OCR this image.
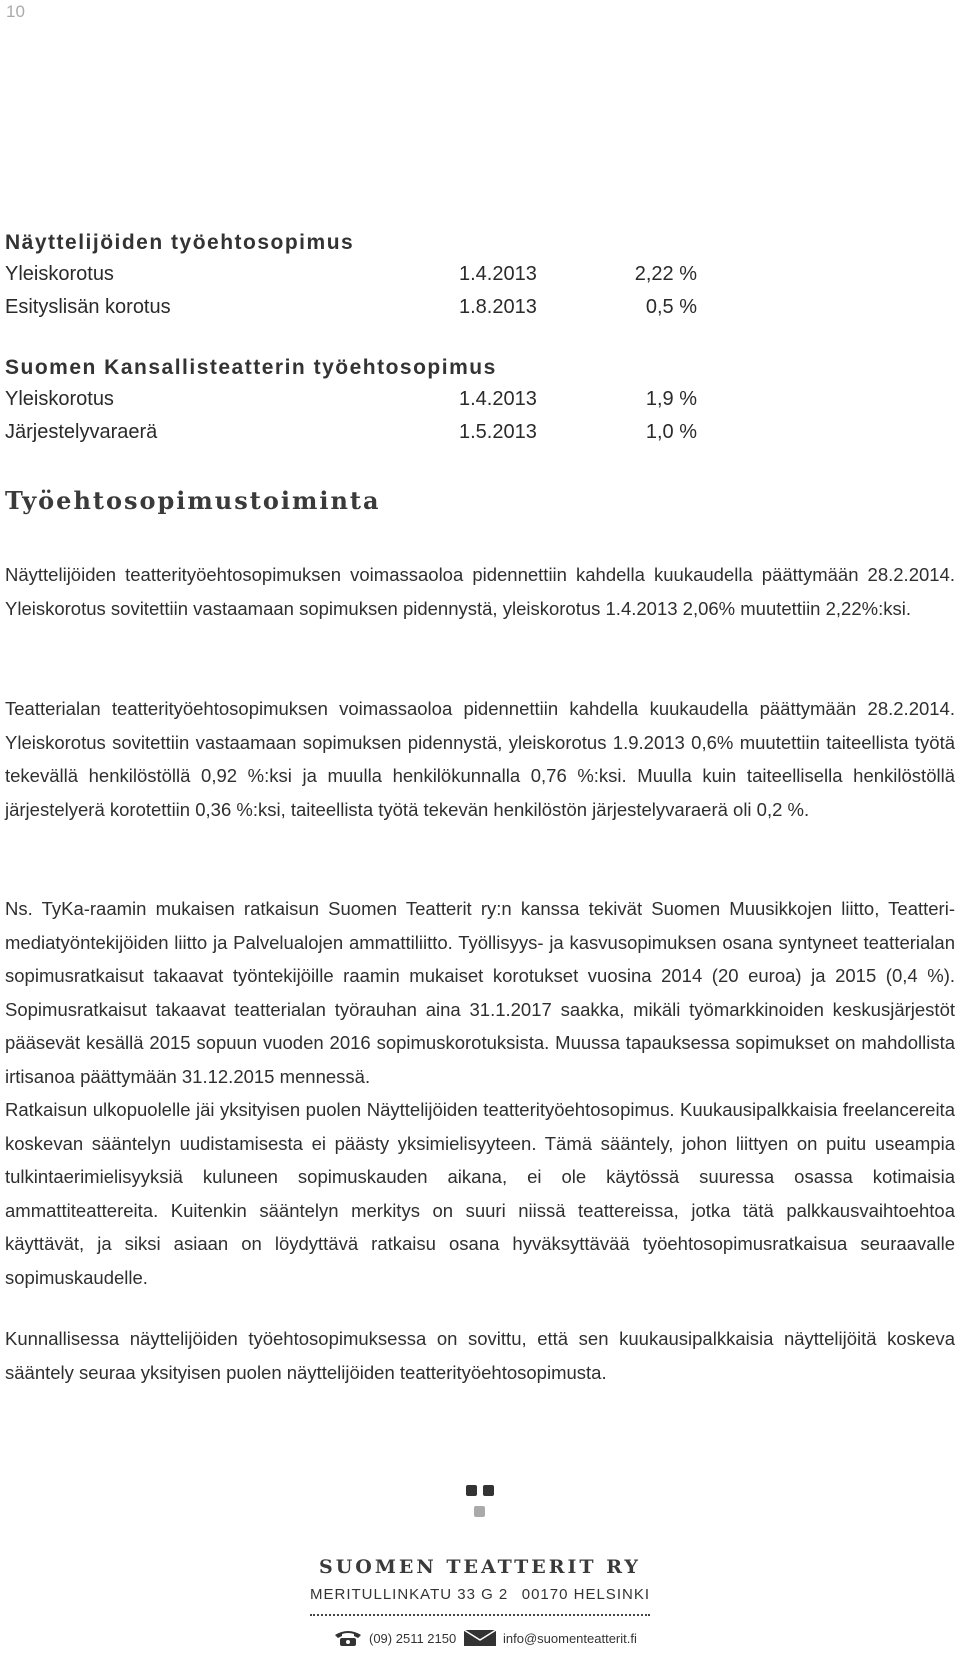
10
Näyttelijöiden työehtosopimus
Yleiskorotus	1.4.2013	2,22 %
Esityslisän korotus	1.8.2013	0,5 %
Suomen Kansallisteatterin työehtosopimus
Yleiskorotus	1.4.2013	1,9 %
Järjestelyvaraerä	1.5.2013	1,0 %
Työehtosopimustoiminta

Näyttelijöiden teatterityöehtosopimuksen voimassaoloa pidennettiin kahdella kuukaudella päättymään 28.2.2014. Yleiskorotus sovitettiin vastaamaan sopimuksen pidennystä, yleiskorotus 1.4.2013 2,06% muutettiin 2,22%:ksi.

Teatterialan teatterityöehtosopimuksen voimassaoloa pidennettiin kahdella kuukaudella päättymään 28.2.2014. Yleiskorotus sovitettiin vastaamaan sopimuksen pidennystä, yleiskorotus 1.9.2013 0,6% muutettiin taiteellista työtä tekevällä henkilöstöllä 0,92 %:ksi ja muulla henkilökunnalla 0,76 %:ksi. Muulla kuin taiteellisella henkilöstöllä järjestelyerä korotettiin 0,36 %:ksi, taiteellista työtä tekevän henkilöstön järjestelyvaraerä oli 0,2 %.

Ns. TyKa-raamin mukaisen ratkaisun Suomen Teatterit ry:n kanssa tekivät Suomen Muusikkojen liitto, Teatteri- mediatyöntekijöiden liitto ja Palvelualojen ammattiliitto. Työllisyys- ja kasvusopimuksen osana syntyneet teatterialan sopimusratkaisut takaavat työntekijöille raamin mukaiset korotukset vuosina 2014 (20 euroa) ja 2015 (0,4 %). Sopimusratkaisut takaavat teatterialan työrauhan aina 31.1.2017 saakka, mikäli työmarkkinoiden keskusjärjestöt pääsevät kesällä 2015 sopuun vuoden 2016 sopimuskorotuksista. Muussa tapauksessa sopimukset on mahdollista irtisanoa päättymään 31.12.2015 mennessä.

Ratkaisun ulkopuolelle jäi yksityisen puolen Näyttelijöiden teatterityöehtosopimus. Kuukausipalkkaisia freelancereita koskevan sääntelyn uudistamisesta ei päästy yksimielisyyteen. Tämä sääntely, johon liittyen on puitu useampia tulkintaerimielisyyksiä kuluneen sopimuskauden aikana, ei ole käytössä suuressa osassa kotimaisia ammattiteattereita. Kuitenkin sääntelyn merkitys on suuri niissä teattereissa, jotka tätä palkkausvaihtoehtoa käyttävät, ja siksi asiaan on löydyttävä ratkaisu osana hyväksyttävää työehtosopimusratkaisua seuraavalle sopimuskaudelle.

Kunnallisessa näyttelijöiden työehtosopimuksessa on sovittu, että sen kuukausipalkkaisia näyttelijöitä koskeva sääntely seuraa yksityisen puolen näyttelijöiden teatterityöehtosopimusta.

SUOMEN TEATTERIT RY
MERITULLINKATU 33 G 2 00170 HELSINKI
(09) 2511 2150	info@suomenteatterit.fi
